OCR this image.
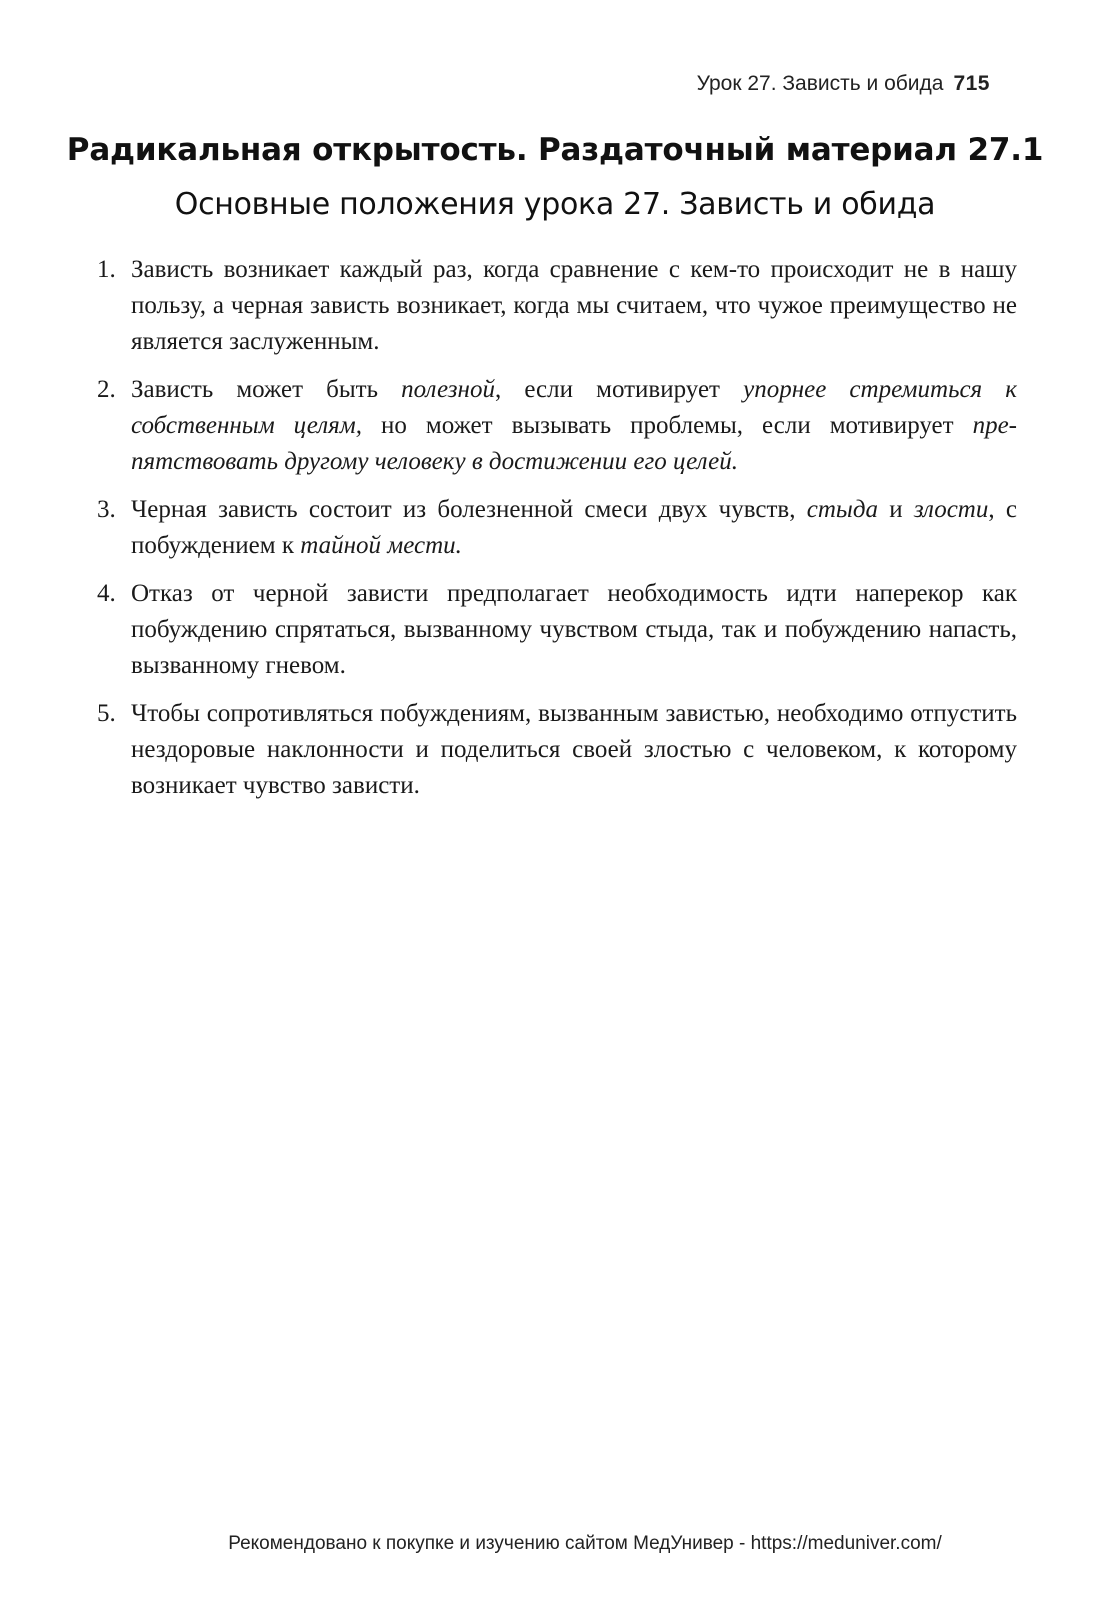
Урок 27. Зависть и обида 715
Радикальная открытость. Раздаточный материал 27.1
Основные положения урока 27. Зависть и обида
1. Зависть возникает каждый раз, когда сравнение с кем-то происходит не в нашу пользу, а черная зависть возникает, когда мы считаем, что чужое преимущество не является заслуженным.
2. Зависть может быть полезной, если мотивирует упорнее стремиться к собственным целям, но может вызывать проблемы, если мотивирует препятствовать другому человеку в достижении его целей.
3. Черная зависть состоит из болезненной смеси двух чувств, стыда и злости, с побуждением к тайной мести.
4. Отказ от черной зависти предполагает необходимость идти наперекор как побуждению спрятаться, вызванному чувством стыда, так и побуждению напасть, вызванному гневом.
5. Чтобы сопротивляться побуждениям, вызванным завистью, необходимо отпустить нездоровые наклонности и поделиться своей злостью с человеком, к которому возникает чувство зависти.
Рекомендовано к покупке и изучению сайтом МедУнивер - https://meduniver.com/
